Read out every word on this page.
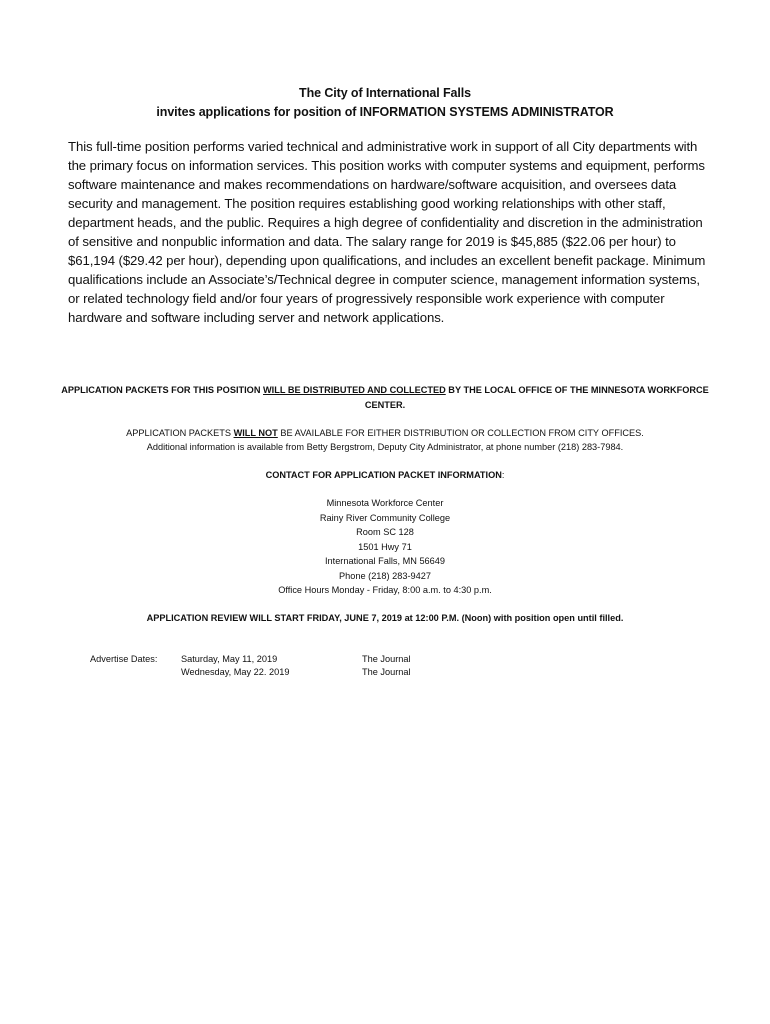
The City of International Falls
invites applications for position of INFORMATION SYSTEMS ADMINISTRATOR
This full-time position performs varied technical and administrative work in support of all City departments with the primary focus on information services. This position works with computer systems and equipment, performs software maintenance and makes recommendations on hardware/software acquisition, and oversees data security and management. The position requires establishing good working relationships with other staff, department heads, and the public. Requires a high degree of confidentiality and discretion in the administration of sensitive and nonpublic information and data. The salary range for 2019 is $45,885 ($22.06 per hour) to $61,194 ($29.42 per hour), depending upon qualifications, and includes an excellent benefit package. Minimum qualifications include an Associate’s/Technical degree in computer science, management information systems, or related technology field and/or four years of progressively responsible work experience with computer hardware and software including server and network applications.
APPLICATION PACKETS FOR THIS POSITION WILL BE DISTRIBUTED AND COLLECTED BY THE LOCAL OFFICE OF THE MINNESOTA WORKFORCE CENTER.
APPLICATION PACKETS WILL NOT BE AVAILABLE FOR EITHER DISTRIBUTION OR COLLECTION FROM CITY OFFICES.
Additional information is available from Betty Bergstrom, Deputy City Administrator, at phone number (218) 283-7984.
CONTACT FOR APPLICATION PACKET INFORMATION:
Minnesota Workforce Center
Rainy River Community College
Room SC 128
1501 Hwy 71
International Falls, MN 56649
Phone (218) 283-9427
Office Hours Monday - Friday, 8:00 a.m. to 4:30 p.m.
APPLICATION REVIEW WILL START FRIDAY, JUNE 7, 2019 at 12:00 P.M. (Noon) with position open until filled.
Advertise Dates:	Saturday, May 11, 2019
Wednesday, May 22. 2019
The Journal
The Journal
